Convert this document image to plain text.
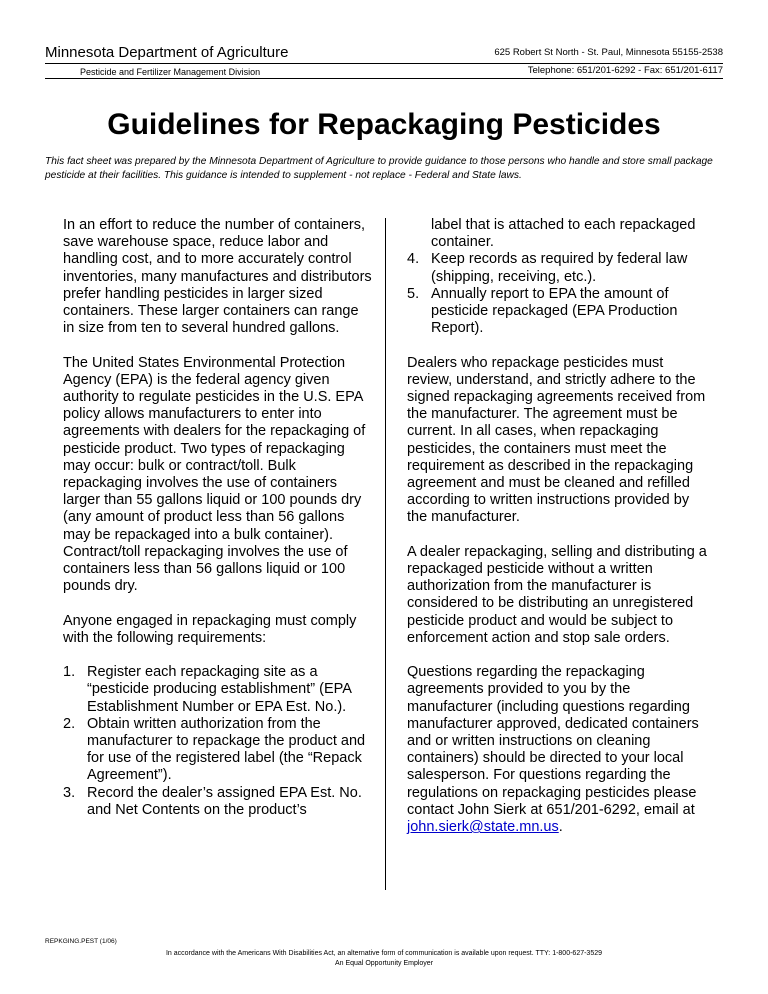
Minnesota Department of Agriculture
Pesticide and Fertilizer Management Division
625 Robert St North - St. Paul, Minnesota 55155-2538
Telephone: 651/201-6292 - Fax: 651/201-6117
Guidelines for Repackaging Pesticides
This fact sheet was prepared by the Minnesota Department of Agriculture to provide guidance to those persons who handle and store small package pesticide at their facilities. This guidance is intended to supplement - not replace - Federal and State laws.

In an effort to reduce the number of containers, save warehouse space, reduce labor and handling cost, and to more accurately control inventories, many manufactures and distributors prefer handling pesticides in larger sized containers. These larger containers can range in size from ten to several hundred gallons.

The United States Environmental Protection Agency (EPA) is the federal agency given authority to regulate pesticides in the U.S. EPA policy allows manufacturers to enter into agreements with dealers for the repackaging of pesticide product. Two types of repackaging may occur: bulk or contract/toll. Bulk repackaging involves the use of containers larger than 55 gallons liquid or 100 pounds dry (any amount of product less than 56 gallons may be repackaged into a bulk container). Contract/toll repackaging involves the use of containers less than 56 gallons liquid or 100 pounds dry.

Anyone engaged in repackaging must comply with the following requirements:

1. Register each repackaging site as a “pesticide producing establishment” (EPA Establishment Number or EPA Est. No.).
2. Obtain written authorization from the manufacturer to repackage the product and for use of the registered label (the “Repack Agreement”).
3. Record the dealer’s assigned EPA Est. No. and Net Contents on the product’s
label that is attached to each repackaged container.
4. Keep records as required by federal law (shipping, receiving, etc.).
5. Annually report to EPA the amount of pesticide repackaged (EPA Production Report).

Dealers who repackage pesticides must review, understand, and strictly adhere to the signed repackaging agreements received from the manufacturer. The agreement must be current. In all cases, when repackaging pesticides, the containers must meet the requirement as described in the repackaging agreement and must be cleaned and refilled according to written instructions provided by the manufacturer.

A dealer repackaging, selling and distributing a repackaged pesticide without a written authorization from the manufacturer is considered to be distributing an unregistered pesticide product and would be subject to enforcement action and stop sale orders.

Questions regarding the repackaging agreements provided to you by the manufacturer (including questions regarding manufacturer approved, dedicated containers and or written instructions on cleaning containers) should be directed to your local salesperson. For questions regarding the regulations on repackaging pesticides please contact John Sierk at 651/201-6292, email at john.sierk@state.mn.us.

REPKGING.PEST (1/06)
In accordance with the Americans With Disabilities Act, an alternative form of communication is available upon request. TTY: 1-800-627-3529
An Equal Opportunity Employer
